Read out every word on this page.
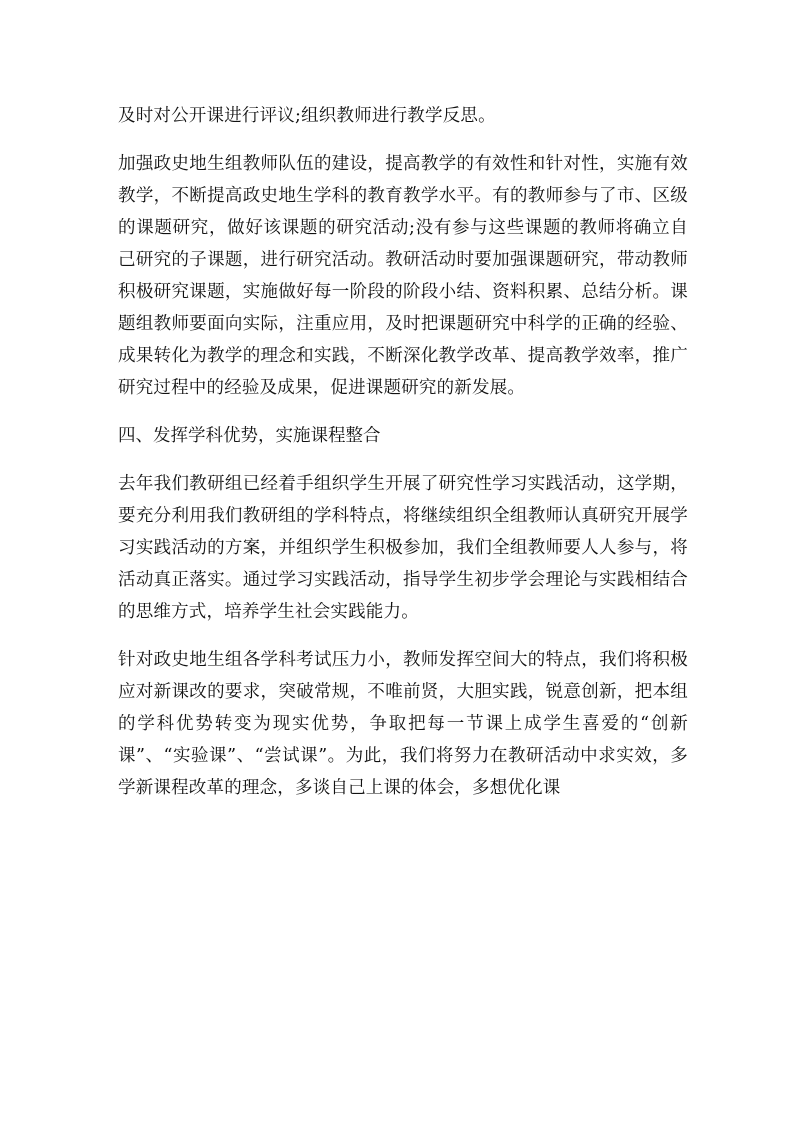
及时对公开课进行评议;组织教师进行教学反思。

加强政史地生组教师队伍的建设，提高教学的有效性和针对性，实施有效教学，不断提高政史地生学科的教育教学水平。有的教师参与了市、区级的课题研究，做好该课题的研究活动;没有参与这些课题的教师将确立自己研究的子课题，进行研究活动。教研活动时要加强课题研究，带动教师积极研究课题，实施做好每一阶段的阶段小结、资料积累、总结分析。课题组教师要面向实际，注重应用，及时把课题研究中科学的正确的经验、成果转化为教学的理念和实践，不断深化教学改革、提高教学效率，推广研究过程中的经验及成果，促进课题研究的新发展。

四、发挥学科优势，实施课程整合

去年我们教研组已经着手组织学生开展了研究性学习实践活动，这学期，要充分利用我们教研组的学科特点，将继续组织全组教师认真研究开展学习实践活动的方案，并组织学生积极参加，我们全组教师要人人参与，将活动真正落实。通过学习实践活动，指导学生初步学会理论与实践相结合的思维方式，培养学生社会实践能力。

针对政史地生组各学科考试压力小，教师发挥空间大的特点，我们将积极应对新课改的要求，突破常规，不唯前贤，大胆实践，锐意创新，把本组的学科优势转变为现实优势，争取把每一节课上成学生喜爱的“创新课”、“实验课”、“尝试课”。为此，我们将努力在教研活动中求实效，多学新课程改革的理念，多谈自己上课的体会，多想优化课
